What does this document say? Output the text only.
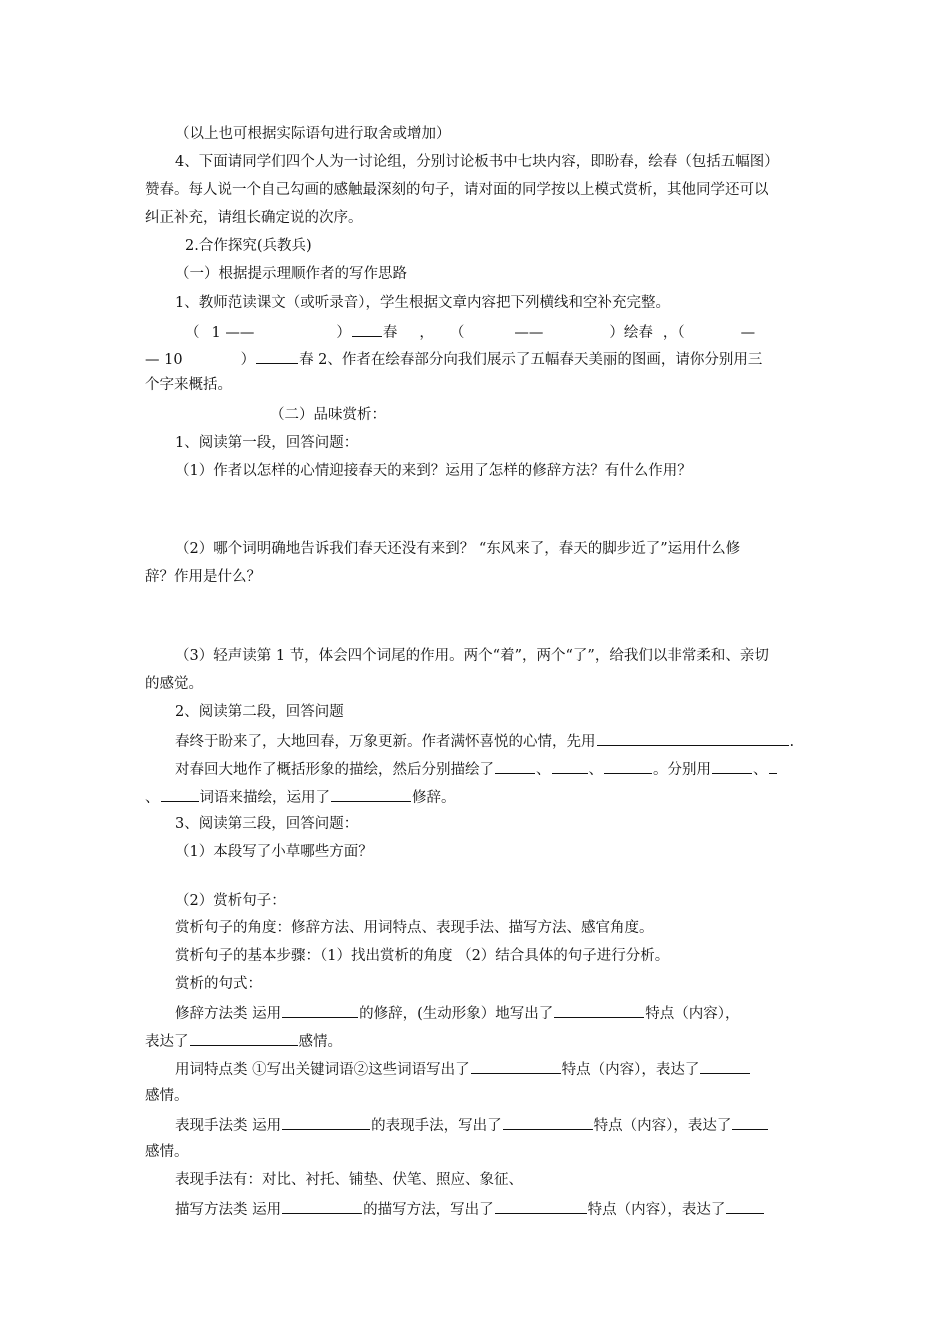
（以上也可根据实际语句进行取舍或增加）
4、下面请同学们四个人为一讨论组，分别讨论板书中七块内容，即盼春，绘春（包括五幅图）
赞春。每人说一个自己勾画的感触最深刻的句子，请对面的同学按以上模式赏析，其他同学还可以
纠正补充，请组长确定说的次序。
2.合作探究(兵教兵)
（一）根据提示理顺作者的写作思路
1、教师范读课文（或听录音），学生根据文章内容把下列横线和空补充完整。
（ 1 ——	） 春 ， （	——	）绘春 ，（	—
— 10	）	春 2、作者在绘春部分向我们展示了五幅春天美丽的图画，请你分别用三
个字来概括。
（二）品味赏析：
1、阅读第一段，回答问题：
（1）作者以怎样的心情迎接春天的来到？运用了怎样的修辞方法？有什么作用？
（2）哪个词明确地告诉我们春天还没有来到？ “东风来了，春天的脚步近了”运用什么修
辞？作用是什么？
（3）轻声读第 1 节，体会四个词尾的作用。两个“着”，两个“了”，给我们以非常柔和、亲切
的感觉。
2、阅读第二段，回答问题
春终于盼来了，大地回春，万象更新。作者满怀喜悦的心情，先用	.
对春回大地作了概括形象的描绘，然后分别描绘了	、	、	。分别用	、
、	词语来描绘，运用了	修辞。
3、阅读第三段，回答问题：
（1）本段写了小草哪些方面？
（2）赏析句子：
赏析句子的角度：修辞方法、用词特点、表现手法、描写方法、感官角度。
赏析句子的基本步骤：（1）找出赏析的角度 （2）结合具体的句子进行分析。
赏析的句式：
修辞方法类 运用	的修辞，(生动形象）地写出了	特点（内容），
表达了	感情。
用词特点类 ①写出关键词语②这些词语写出了	特点（内容），表达了
感情。
表现手法类 运用	的表现手法，写出了	特点（内容），表达了
感情。
表现手法有：对比、衬托、铺垫、伏笔、照应、象征、
描写方法类 运用	的描写方法，写出了	特点（内容），表达了
